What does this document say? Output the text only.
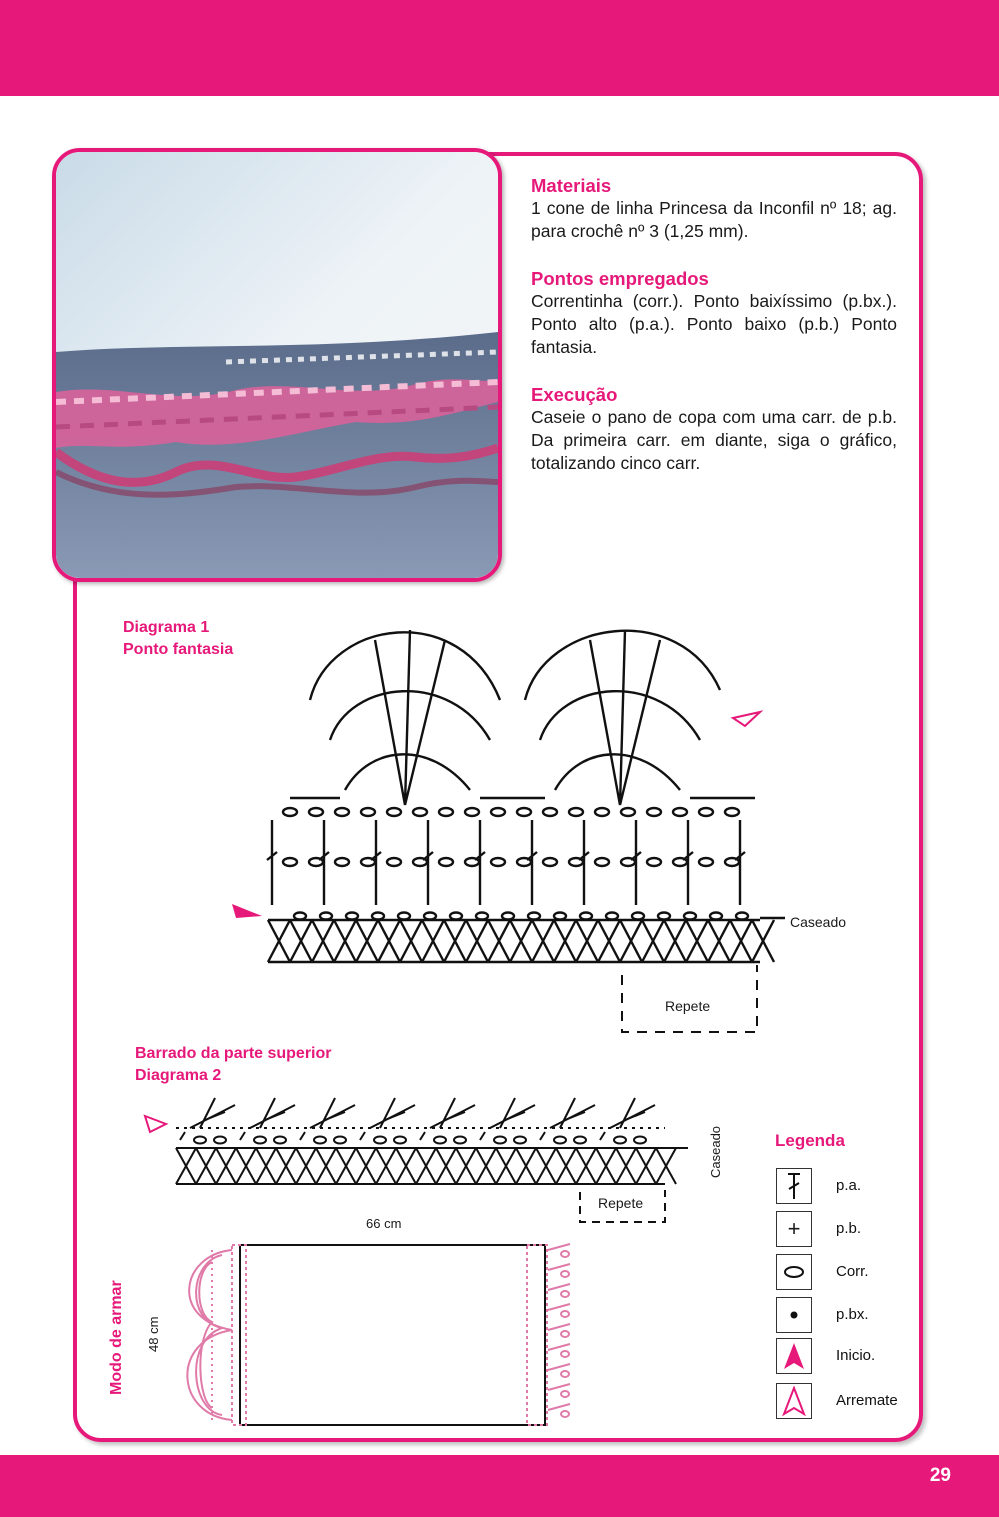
Materiais

1 cone de linha Princesa da Inconfil nº 18; ag. para crochê nº 3 (1,25 mm).

Pontos empregados

Correntinha (corr.). Ponto baixíssimo (p.bx.). Ponto alto (p.a.). Ponto baixo (p.b.) Ponto fantasia.

Execução

Caseie o pano de copa com uma carr. de p.b. Da primeira carr. em diante, siga o gráfico, totalizando cinco carr.

Diagrama 1
Ponto fantasia
Caseado
Repete
Barrado da parte superior
Diagrama 2
Repete
Caseado
Modo de armar 48 cm
66 cm
Legenda
p.a.
+	p.b.
Corr.
p.bx.
Inicio.
Arremate
29
